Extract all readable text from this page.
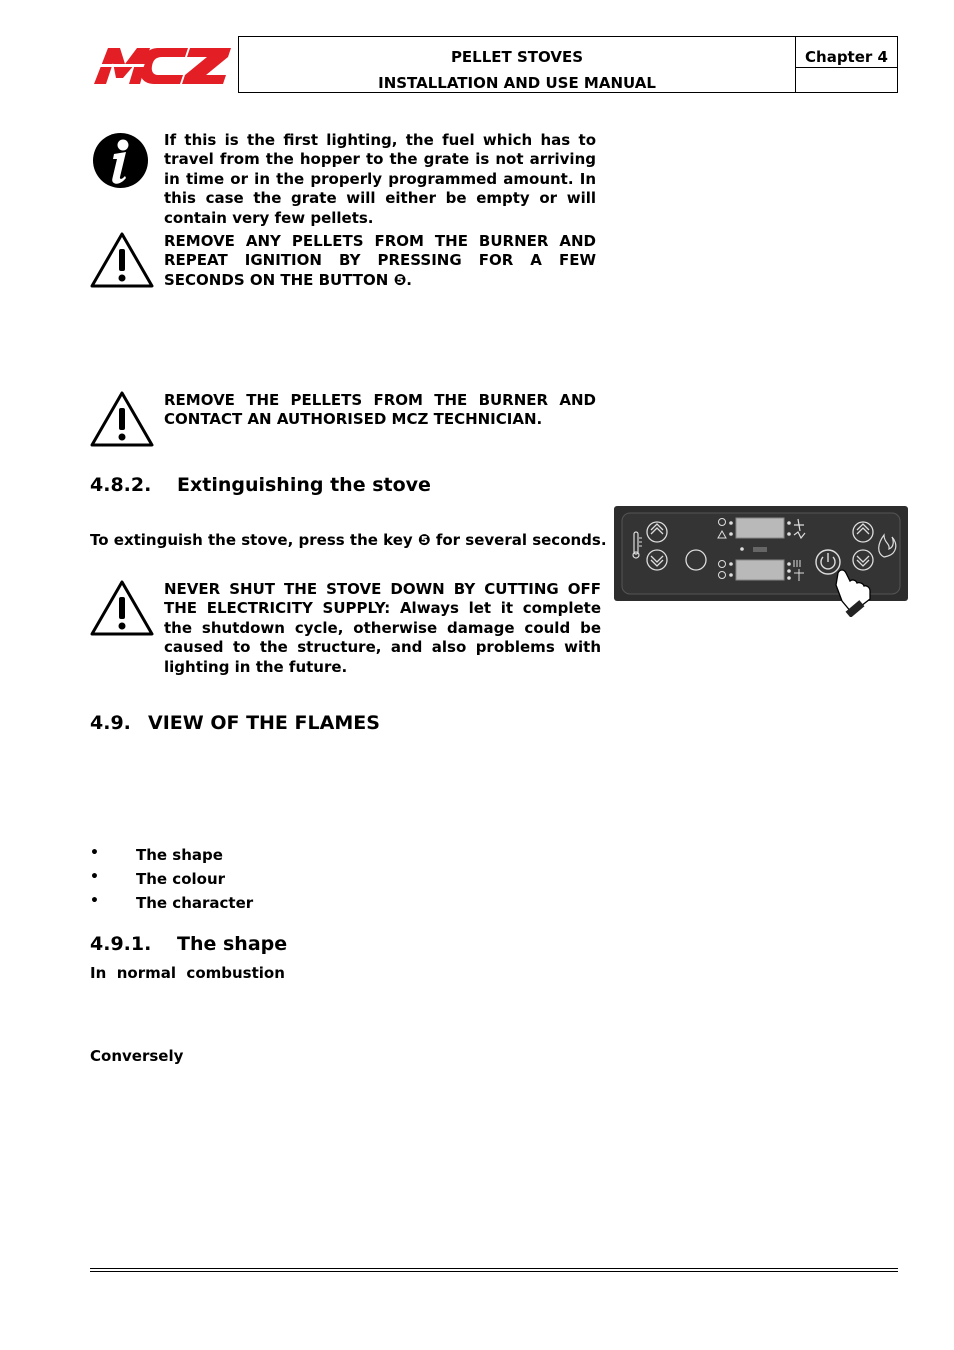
PELLET STOVES
INSTALLATION AND USE MANUAL
Chapter 4
If this is the first lighting, the fuel which has to travel from the hopper to the grate is not arriving in time or in the properly programmed amount. In this case the grate will either be empty or will contain very few pellets.
REMOVE ANY PELLETS FROM THE BURNER AND REPEAT IGNITION BY PRESSING FOR A FEW SECONDS ON THE BUTTON ❺.
REMOVE THE PELLETS FROM THE BURNER AND CONTACT AN AUTHORISED MCZ TECHNICIAN.
4.8.2. Extinguishing the stove
To extinguish the stove, press the key ❺ for several seconds.
NEVER SHUT THE STOVE DOWN BY CUTTING OFF THE ELECTRICITY SUPPLY: Always let it complete the shutdown cycle, otherwise damage could be caused to the structure, and also problems with lighting in the future.
4.9. VIEW OF THE FLAMES
• The shape
• The colour
• The character
4.9.1. The shape
In  normal  combustion
Conversely
